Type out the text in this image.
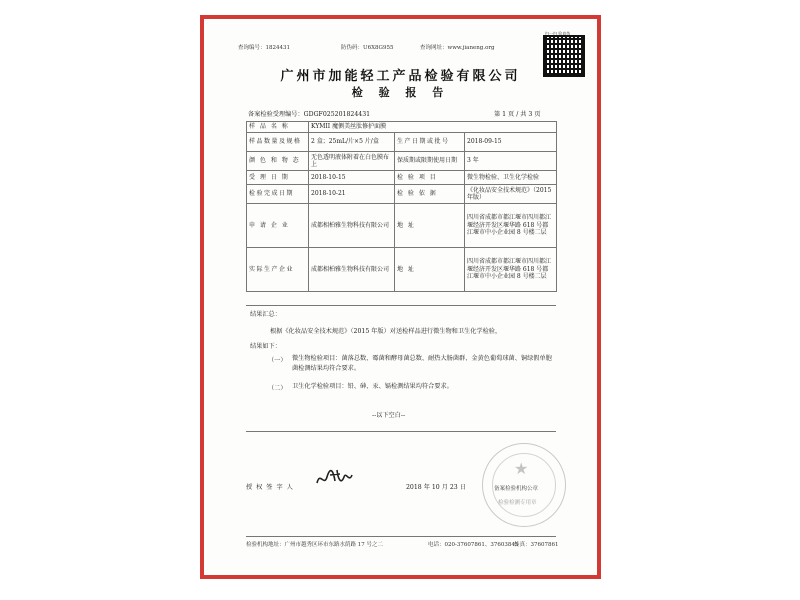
查询编号：1824431	防伪码：U6X8G955	查询网址：www.jianeng.org
扫一扫 验真伪
广州市加能轻工产品检验有限公司
检 验 报 告
备案检验受理编号：GDGF025201824431	第 1 页 / 共 3 页
样 品 名 称	KYMII 魔侧美丝肽修护面膜		
样品数量及规格	2 盒；25mL/片×5 片/盒	生产日期或批号	2018-09-15
颜 色 和 物 态	无色透明液体附着在白色膜布上	保质期或限期使用日期	3 年
受 理 日 期	2018-10-15	检 验 项 目	微生物检验、卫生化学检验
检验完成日期	2018-10-21	检 验 依 据	《化妆品安全技术规范》（2015 年版）
申 请 企 业	成都相柏雅生物科技有限公司	地 址	四川省成都市都江堰市四川都江堰经济开发区堰华路 618 号都江堰市中小企业园 8 号楼二层
实际生产企业	成都相柏雅生物科技有限公司	地 址	四川省成都市都江堰市四川都江堰经济开发区堰华路 618 号都江堰市中小企业园 8 号楼二层
结果汇总：
根据《化妆品安全技术规范》（2015 年版）对送检样品进行微生物和卫生化学检验，
结果如下：
（一） 微生物检验项目：菌落总数、霉菌和酵母菌总数、耐热大肠菌群、金黄色葡萄球菌、铜绿假单胞菌检测结果均符合要求。
（二） 卫生化学检验项目：铅、砷、汞、镉检测结果均符合要求。
--以下空白--
授 权 签 字 人	2018 年 10 月 23 日
★
备案检验机构公章
检验检测专用章
检验机构地址：广州市越秀区环市东路水荫路 17 号之二	电话：020-37607861、37603845
传真：37607861
